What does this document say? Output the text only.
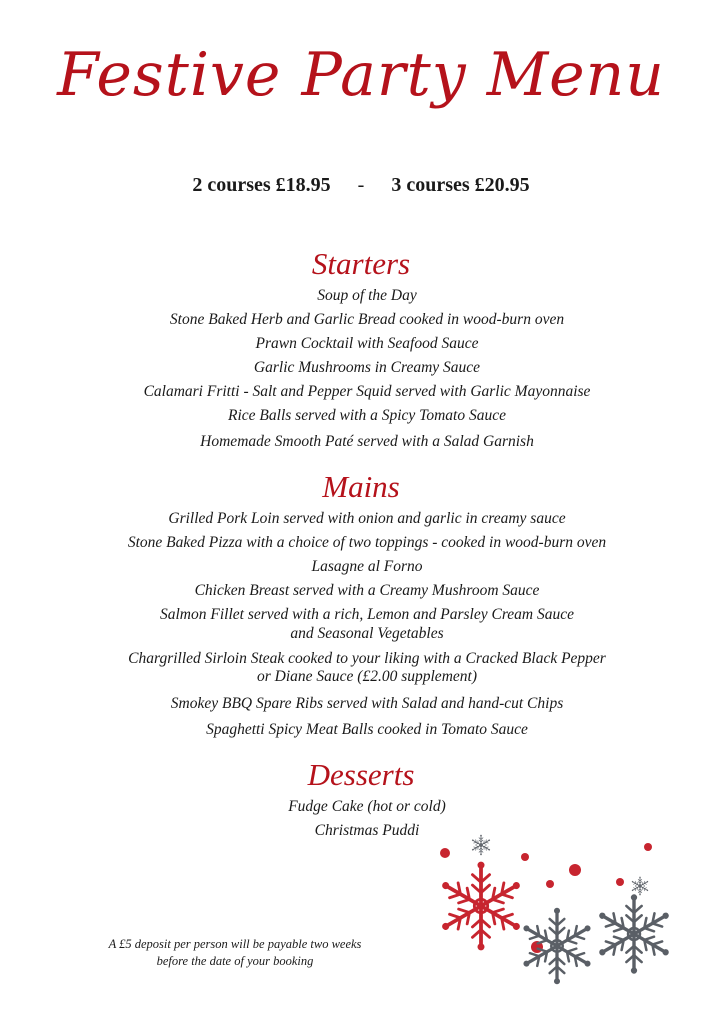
Festive Party Menu
2 courses £18.95 - 3 courses £20.95
Starters
Soup of the Day
Stone Baked Herb and Garlic Bread cooked in wood-burn oven
Prawn Cocktail with Seafood Sauce
Garlic Mushrooms in Creamy Sauce
Calamari Fritti - Salt and Pepper Squid served with Garlic Mayonnaise
Rice Balls served with a Spicy Tomato Sauce
Homemade Smooth Paté served with a Salad Garnish
Mains
Grilled Pork Loin served with onion and garlic in creamy sauce
Stone Baked Pizza with a choice of two toppings - cooked in wood-burn oven
Lasagne al Forno
Chicken Breast served with a Creamy Mushroom Sauce
Salmon Fillet served with a rich, Lemon and Parsley Cream Sauce
and Seasonal Vegetables
Chargrilled Sirloin Steak cooked to your liking with a Cracked Black Pepper
or Diane Sauce (£2.00 supplement)
Smokey BBQ Spare Ribs served with Salad and hand-cut Chips
Spaghetti Spicy Meat Balls cooked in Tomato Sauce
Desserts
Fudge Cake (hot or cold)
Christmas Puddi
A £5 deposit per person will be payable two weeks
before the date of your booking
